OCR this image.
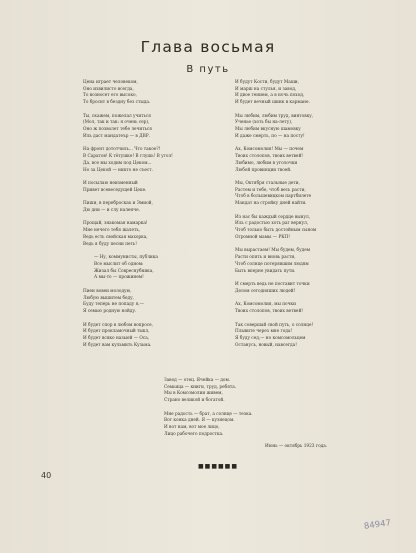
Глава восьмая
В путь
Цена играет человеком,
Оно извилисто всегда,
То возносет его высоко,
То бросит в бездну без стыда.
Ты, скажем, пожелал учиться
(Мол, так и так: я очень сер),
Оно ж позволет тебе лечиться
Иль даст мандатеър — в ДВР.
На фронт дототчиль... Что такое?!
В Саратов! К тётушке! В глушь! В угол!
Да, все мы ходим под Цеком...
Но за Цекой — никто не съест.
И посылаю неизменный
Привет всевеседущей Цеке.
Пиши, в перебросках и Эмиой,
Дю дни — и слу наленче.
Прощай, знакомая намарка!
Мне нечего тебя жалеть,
Ведь есть свойская махорка,
Ведь я буду песни петь!
— Ну, коммунисты, публика
Все мыслит об одном:
Жизал бы Совреснубника,
А мы-то — прожинем!
Пиеи вовеи молодую,
Любую вышитем беду,
Буду теперь не попаду я,—
Я семью родную нойду.
И будет спор в любом вопросе,
И будет прокламочный тыкл,
И будет всяко назыей — Оса,
И будет вам кульмить Кузьма.
И будут Кости, будут Маши,
И марш на стулья, и завод,
И двое гением, а в ночь поход,
И будет вечный шинк в кармане.
Мы любим, любим труд, винтовку,
Ученье (хоть бы на-лету),
Мы любим вкусную шамовку
И даже смерть, по — на посту!
Ах, Комсомолия! Мы — почем
Твоих столопов, твоих ветвей!
Любимо, любим в уголочки
Любой провинции твоей.
Мы, Октября стальные дети,
Растем и тебе, чтоб весь расти,
Чтоб в большевицком партбилете
Мандат на стройку дней найти.
Из нас бы каждый сердце вынул,
Иль с радостью хоть раг вернул,
Чтоб только быть достойным сыном
Огромной мамы — РКП!
Мы вырастаем! Мы будем, будем
Расти опять и вновь расти,
Чтоб солнце потерявшим людям
Быть вперне увидать пути.
И смерть ведь не поставит точки
Делом сегодняших людей!
Ах, Комсомолия, мы почки
Твоих столопов, твоих ветвей!
Так совершай свой путь, о солнце!
Плывите через мне года!
Я буду сед,— но комсомольцем
Останусь, новый, навсегда!
Завод — отец. Ячейка — дом.
Семьица — книги, труд, ребята.
Мы в Комсомолии живем,
Страно великой и богатой.
Мне радость — брат, а солнце — тезка.
Вот конка дней. Я — кузнецом.
И вот нам, вот мое лицо,
Лицо рабочего подростка.
Июнь — октябрь 1923 года.
■■■■■■
40
84947
